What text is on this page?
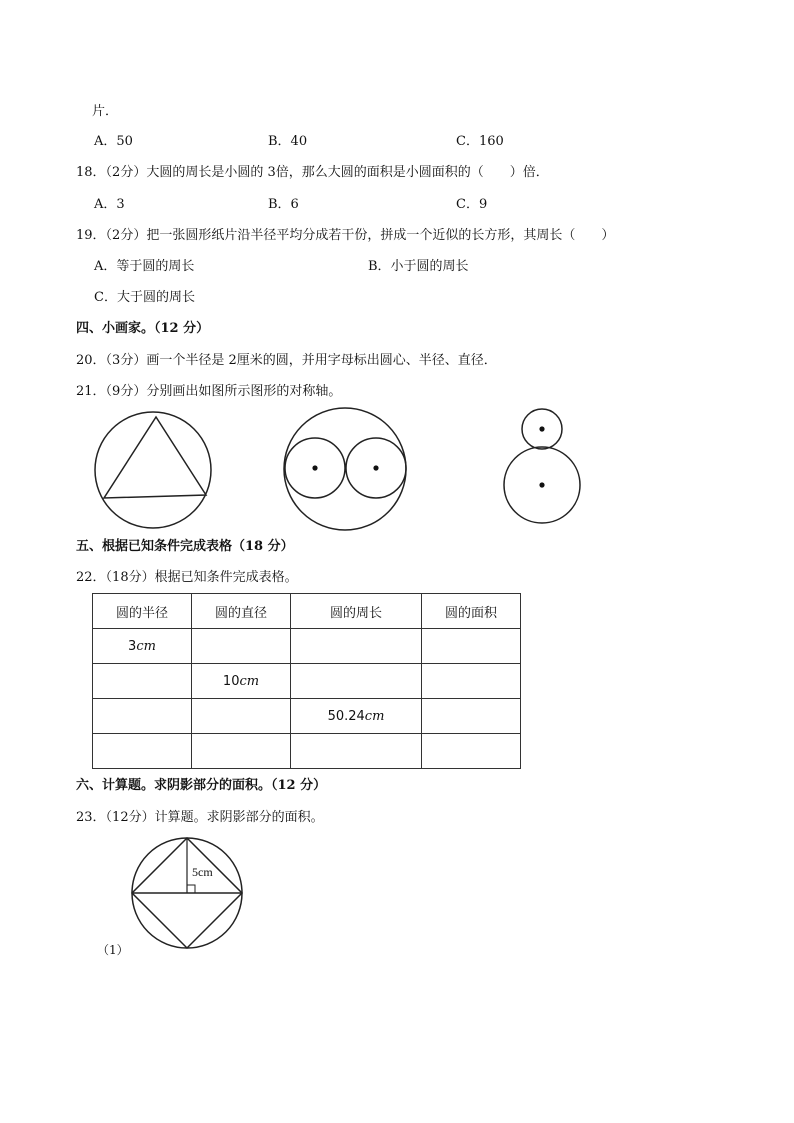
片．
A．50	B．40	C．160
18．（2分）大圆的周长是小圆的 3倍，那么大圆的面积是小圆面积的（　　）倍．
A．3	B．6	C．9
19．（2分）把一张圆形纸片沿半径平均分成若干份，拼成一个近似的长方形，其周长（　　）
A．等于圆的周长	B．小于圆的周长
C．大于圆的周长
四、小画家。（12 分）
20．（3分）画一个半径是 2厘米的圆，并用字母标出圆心、半径、直径．
21．（9分）分别画出如图所示图形的对称轴。
五、根据已知条件完成表格（18 分）
22．（18分）根据已知条件完成表格。
圆的半径	圆的直径	圆的周长	圆的面积
3cm			
	10cm		
		50.24cm	

六、计算题。求阴影部分的面积。（12 分）
23．（12分）计算题。求阴影部分的面积。
5cm
（1）
